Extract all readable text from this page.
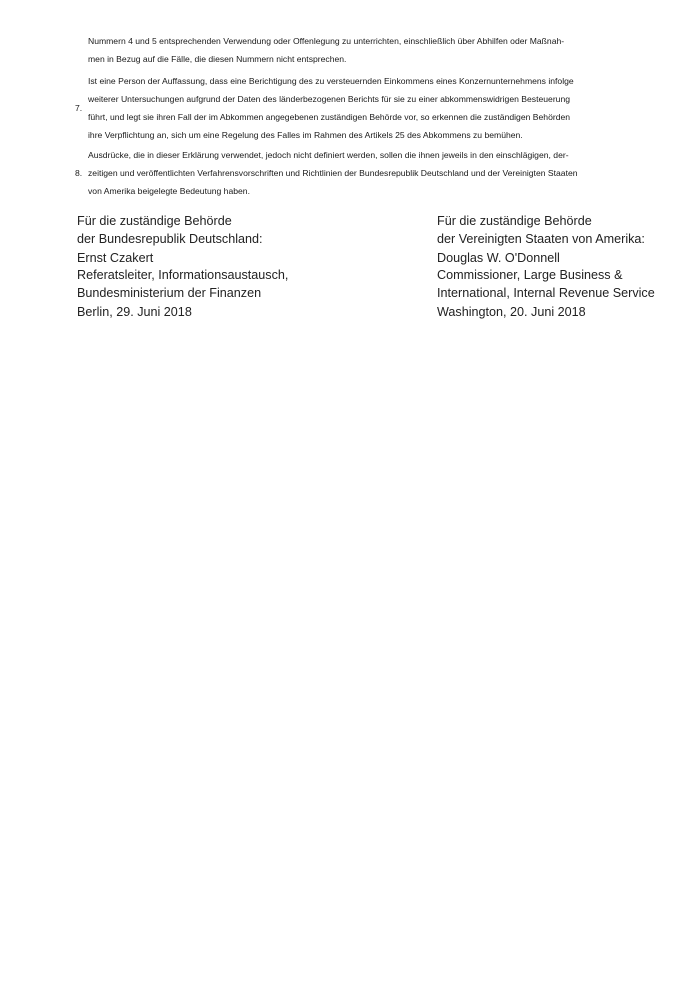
Nummern 4 und 5 entsprechenden Verwendung oder Offenlegung zu unterrichten, einschließlich über Abhilfen oder Maßnah-
men in Bezug auf die Fälle, die diesen Nummern nicht entsprechen.
7.
Ist eine Person der Auffassung, dass eine Berichtigung des zu versteuernden Einkommens eines Konzernunternehmens infolge
weiterer Untersuchungen aufgrund der Daten des länderbezogenen Berichts für sie zu einer abkommenswidrigen Besteuerung
führt, und legt sie ihren Fall der im Abkommen angegebenen zuständigen Behörde vor, so erkennen die zuständigen Behörden
ihre Verpflichtung an, sich um eine Regelung des Falles im Rahmen des Artikels 25 des Abkommens zu bemühen.
8.
Ausdrücke, die in dieser Erklärung verwendet, jedoch nicht definiert werden, sollen die ihnen jeweils in den einschlägigen, der-
zeitigen und veröffentlichten Verfahrensvorschriften und Richtlinien der Bundesrepublik Deutschland und der Vereinigten Staaten
von Amerika beigelegte Bedeutung haben.
Für die zuständige Behörde
der Bundesrepublik Deutschland:
Ernst Czakert
Referatsleiter, Informationsaustausch,
Bundesministerium der Finanzen
Berlin, 29. Juni 2018
Für die zuständige Behörde
der Vereinigten Staaten von Amerika:
Douglas W. O'Donnell
Commissioner, Large Business &
International, Internal Revenue Service
Washington, 20. Juni 2018
